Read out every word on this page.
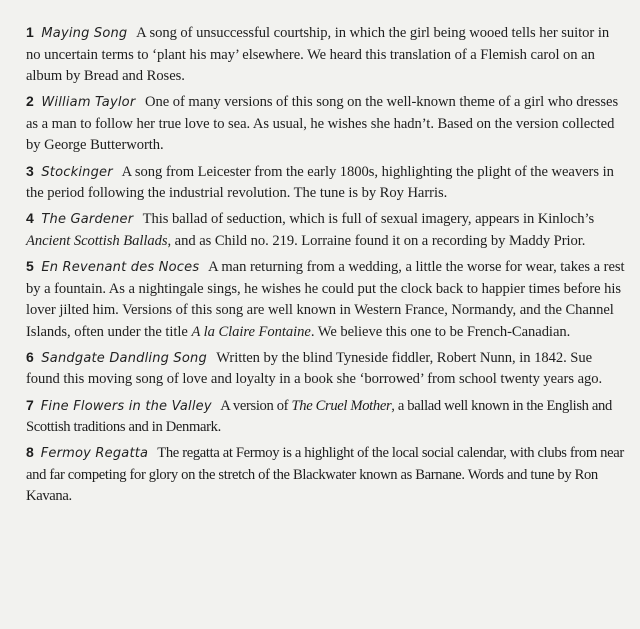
1 Maying Song A song of unsuccessful courtship, in which the girl being wooed tells her suitor in no uncertain terms to ‘plant his may’ elsewhere. We heard this translation of a Flemish carol on an album by Bread and Roses.

2 William Taylor One of many versions of this song on the well-known theme of a girl who dresses as a man to follow her true love to sea. As usual, he wishes she hadn’t. Based on the version collected by George Butterworth.

3 Stockinger A song from Leicester from the early 1800s, highlighting the plight of the weavers in the period following the industrial revolution. The tune is by Roy Harris.

4 The Gardener This ballad of seduction, which is full of sexual imagery, appears in Kinloch’s Ancient Scottish Ballads, and as Child no. 219. Lorraine found it on a recording by Maddy Prior.

5 En Revenant des Noces A man returning from a wedding, a little the worse for wear, takes a rest by a fountain. As a nightingale sings, he wishes he could put the clock back to happier times before his lover jilted him. Versions of this song are well known in Western France, Normandy, and the Channel Islands, often under the title A la Claire Fontaine. We believe this one to be French-Canadian.

6 Sandgate Dandling Song Written by the blind Tyneside fiddler, Robert Nunn, in 1842. Sue found this moving song of love and loyalty in a book she ‘borrowed’ from school twenty years ago.

7 Fine Flowers in the Valley A version of The Cruel Mother, a ballad well known in the English and Scottish traditions and in Denmark.

8 Fermoy Regatta The regatta at Fermoy is a highlight of the local social calendar, with clubs from near and far competing for glory on the stretch of the Blackwater known as Barnane. Words and tune by Ron Kavana.
